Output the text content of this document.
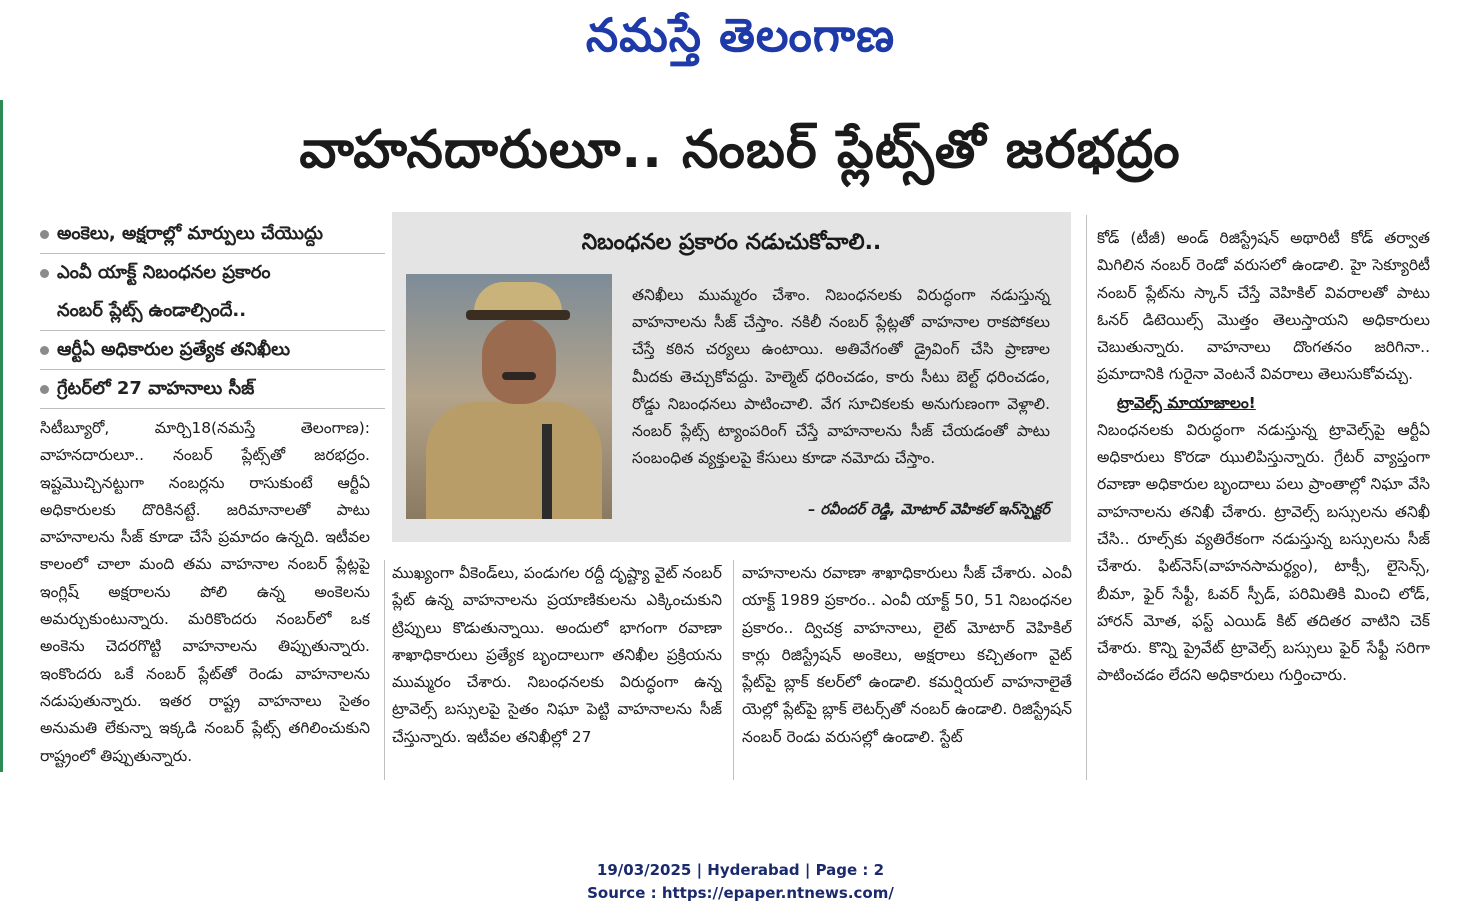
నమస్తే తెలంగాణ
వాహనదారులూ.. నంబర్ ప్లేట్స్‌తో జరభద్రం
అంకెలు, అక్షరాల్లో మార్పులు చేయొద్దు
ఎంవీ యాక్ట్ నిబంధనల ప్రకారం
నంబర్ ప్లేట్స్ ఉండాల్సిందే..
ఆర్టీఏ అధికారుల ప్రత్యేక తనిఖీలు
గ్రేటర్‌లో 27 వాహనాలు సీజ్

సిటీబ్యూరో, మార్చి18(నమస్తే తెలంగాణ): వాహనదారులూ.. నంబర్ ప్లేట్స్‌తో జరభద్రం. ఇష్టమొచ్చినట్టుగా నంబర్లను రాసుకుంటే ఆర్టీఏ అధికారులకు దొరికినట్టే. జరిమానాలతో పాటు వాహనాలను సీజ్ కూడా చేసే ప్రమాదం ఉన్నది. ఇటీవల కాలంలో చాలా మంది తమ వాహనాల నంబర్ ప్లేట్లపై ఇంగ్లిష్ అక్షరాలను పోలి ఉన్న అంకెలను అమర్చుకుంటున్నారు. మరికొందరు నంబర్‌లో ఒక అంకెను చెదరగొట్టి వాహనాలను తిప్పుతున్నారు. ఇంకొందరు ఒకే నంబర్ ప్లేట్‌తో రెండు వాహనాలను నడుపుతున్నారు. ఇతర రాష్ట్ర వాహనాలు సైతం అనుమతి లేకున్నా ఇక్కడి నంబర్ ప్లేట్స్ తగిలించుకుని రాష్ట్రంలో తిప్పుతున్నారు.

నిబంధనల ప్రకారం నడుచుకోవాలి..

తనిఖీలు ముమ్మరం చేశాం. నిబంధనలకు విరుద్ధంగా నడుస్తున్న వాహనాలను సీజ్ చేస్తాం. నకిలీ నంబర్ ప్లేట్లతో వాహనాల రాకపోకలు చేస్తే కఠిన చర్యలు ఉంటాయి. అతివేగంతో డ్రైవింగ్ చేసి ప్రాణాల మీదకు తెచ్చుకోవద్దు. హెల్మెట్ ధరించడం, కారు సీటు బెల్ట్ ధరించడం, రోడ్డు నిబంధనలు పాటించాలి. వేగ సూచికలకు అనుగుణంగా వెళ్లాలి. నంబర్ ప్లేట్స్ ట్యాంపరింగ్ చేస్తే వాహనాలను సీజ్ చేయడంతో పాటు సంబంధిత వ్యక్తులపై కేసులు కూడా నమోదు చేస్తాం.

– రవీందర్ రెడ్డి, మోటార్ వెహికల్ ఇన్‌స్పెక్టర్

ముఖ్యంగా వీకెండ్‌లు, పండుగల రద్దీ దృష్ట్యా వైట్ నంబర్ ప్లేట్ ఉన్న వాహనాలను ప్రయాణికులను ఎక్కించుకుని ట్రిప్పులు కొడుతున్నాయి. అందులో భాగంగా రవాణా శాఖాధికారులు ప్రత్యేక బృందాలుగా తనిఖీల ప్రక్రియను ముమ్మరం చేశారు. నిబంధనలకు విరుద్ధంగా ఉన్న ట్రావెల్స్ బస్సులపై సైతం నిఘా పెట్టి వాహనాలను సీజ్ చేస్తున్నారు. ఇటీవల తనిఖీల్లో 27

వాహనాలను రవాణా శాఖాధికారులు సీజ్ చేశారు. ఎంవీ యాక్ట్ 1989 ప్రకారం.. ఎంవీ యాక్ట్ 50, 51 నిబంధనల ప్రకారం.. ద్విచక్ర వాహనాలు, లైట్ మోటార్ వెహికిల్ కార్లు రిజిస్ట్రేషన్ అంకెలు, అక్షరాలు కచ్చితంగా వైట్ ప్లేట్‌పై బ్లాక్ కలర్‌లో ఉండాలి. కమర్షియల్ వాహనాలైతే యెల్లో ప్లేట్‌పై బ్లాక్ లెటర్స్‌తో నంబర్ ఉండాలి. రిజిస్ట్రేషన్ నంబర్ రెండు వరుసల్లో ఉండాలి. స్టేట్

కోడ్ (టీజీ) అండ్ రిజిస్ట్రేషన్ అథారిటీ కోడ్ తర్వాత మిగిలిన నంబర్ రెండో వరుసలో ఉండాలి. హై సెక్యూరిటీ నంబర్ ప్లేట్‌ను స్కాన్ చేస్తే వెహికిల్ వివరాలతో పాటు ఓనర్ డిటెయిల్స్ మొత్తం తెలుస్తాయని అధికారులు చెబుతున్నారు. వాహనాలు దొంగతనం జరిగినా.. ప్రమాదానికి గురైనా వెంటనే వివరాలు తెలుసుకోవచ్చు.

ట్రావెల్స్ మాయాజాలం!

నిబంధనలకు విరుద్ధంగా నడుస్తున్న ట్రావెల్స్‌పై ఆర్టీఏ అధికారులు కొరడా ఝులిపిస్తున్నారు. గ్రేటర్ వ్యాప్తంగా రవాణా అధికారుల బృందాలు పలు ప్రాంతాల్లో నిఘా వేసి వాహనాలను తనిఖీ చేశారు. ట్రావెల్స్ బస్సులను తనిఖీ చేసి.. రూల్స్‌కు వ్యతిరేకంగా నడుస్తున్న బస్సులను సీజ్ చేశారు. ఫిట్‌నెస్(వాహనసామర్థ్యం), టాక్సీ, లైసెన్స్, బీమా, ఫైర్ సేఫ్టీ, ఓవర్ స్పీడ్, పరిమితికి మించి లోడ్, హారన్ మోత, ఫస్ట్ ఎయిడ్ కిట్ తదితర వాటిని చెక్ చేశారు. కొన్ని ప్రైవేట్ ట్రావెల్స్ బస్సులు ఫైర్ సేఫ్టీ సరిగా పాటించడం లేదని అధికారులు గుర్తించారు.

19/03/2025 | Hyderabad | Page : 2
Source : https://epaper.ntnews.com/
